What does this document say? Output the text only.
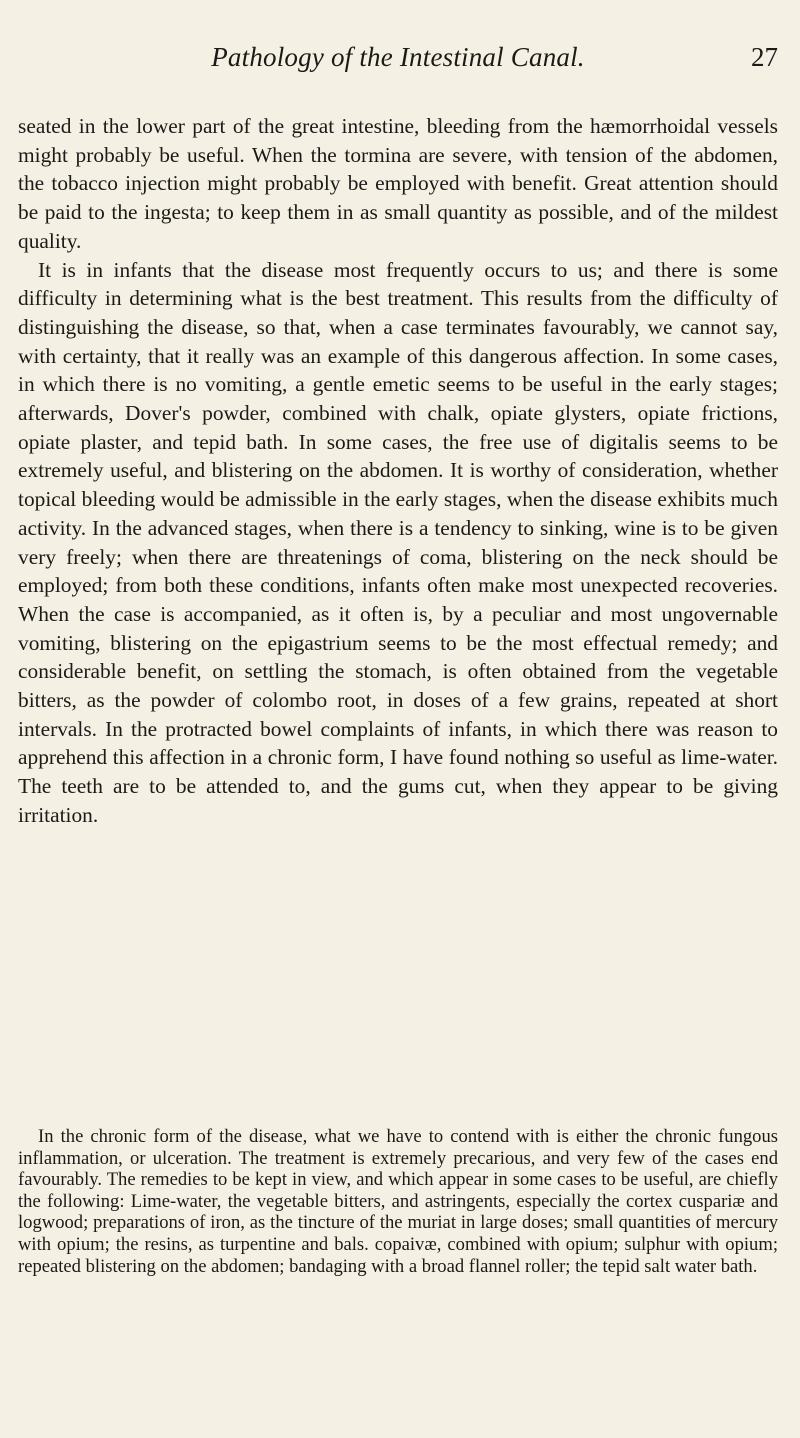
Pathology of the Intestinal Canal.	27

seated in the lower part of the great intestine, bleeding from the hæmorrhoidal vessels might probably be useful. When the tormina are severe, with tension of the abdomen, the tobacco injection might probably be employed with benefit. Great attention should be paid to the ingesta; to keep them in as small quantity as possible, and of the mildest quality.

It is in infants that the disease most frequently occurs to us; and there is some difficulty in determining what is the best treatment. This results from the difficulty of distinguishing the disease, so that, when a case terminates favourably, we cannot say, with certainty, that it really was an example of this dangerous affection. In some cases, in which there is no vomiting, a gentle emetic seems to be useful in the early stages; afterwards, Dover's powder, combined with chalk, opiate glysters, opiate frictions, opiate plaster, and tepid bath. In some cases, the free use of digitalis seems to be extremely useful, and blistering on the abdomen. It is worthy of consideration, whether topical bleeding would be admissible in the early stages, when the disease exhibits much activity. In the advanced stages, when there is a tendency to sinking, wine is to be given very freely; when there are threatenings of coma, blistering on the neck should be employed; from both these conditions, infants often make most unexpected recoveries. When the case is accompanied, as it often is, by a peculiar and most ungovernable vomiting, blistering on the epigastrium seems to be the most effectual remedy; and considerable benefit, on settling the stomach, is often obtained from the vegetable bitters, as the powder of colombo root, in doses of a few grains, repeated at short intervals. In the protracted bowel complaints of infants, in which there was reason to apprehend this affection in a chronic form, I have found nothing so useful as lime-water. The teeth are to be attended to, and the gums cut, when they appear to be giving irritation.

In the chronic form of the disease, what we have to contend with is either the chronic fungous inflammation, or ulceration. The treatment is extremely precarious, and very few of the cases end favourably. The remedies to be kept in view, and which appear in some cases to be useful, are chiefly the following: Lime-water, the vegetable bitters, and astringents, especially the cortex cuspariæ and logwood; preparations of iron, as the tincture of the muriat in large doses; small quantities of mercury with opium; the resins, as turpentine and bals. copaivæ, combined with opium; sulphur with opium; repeated blistering on the abdomen; bandaging with a broad flannel roller; the tepid salt water bath.
